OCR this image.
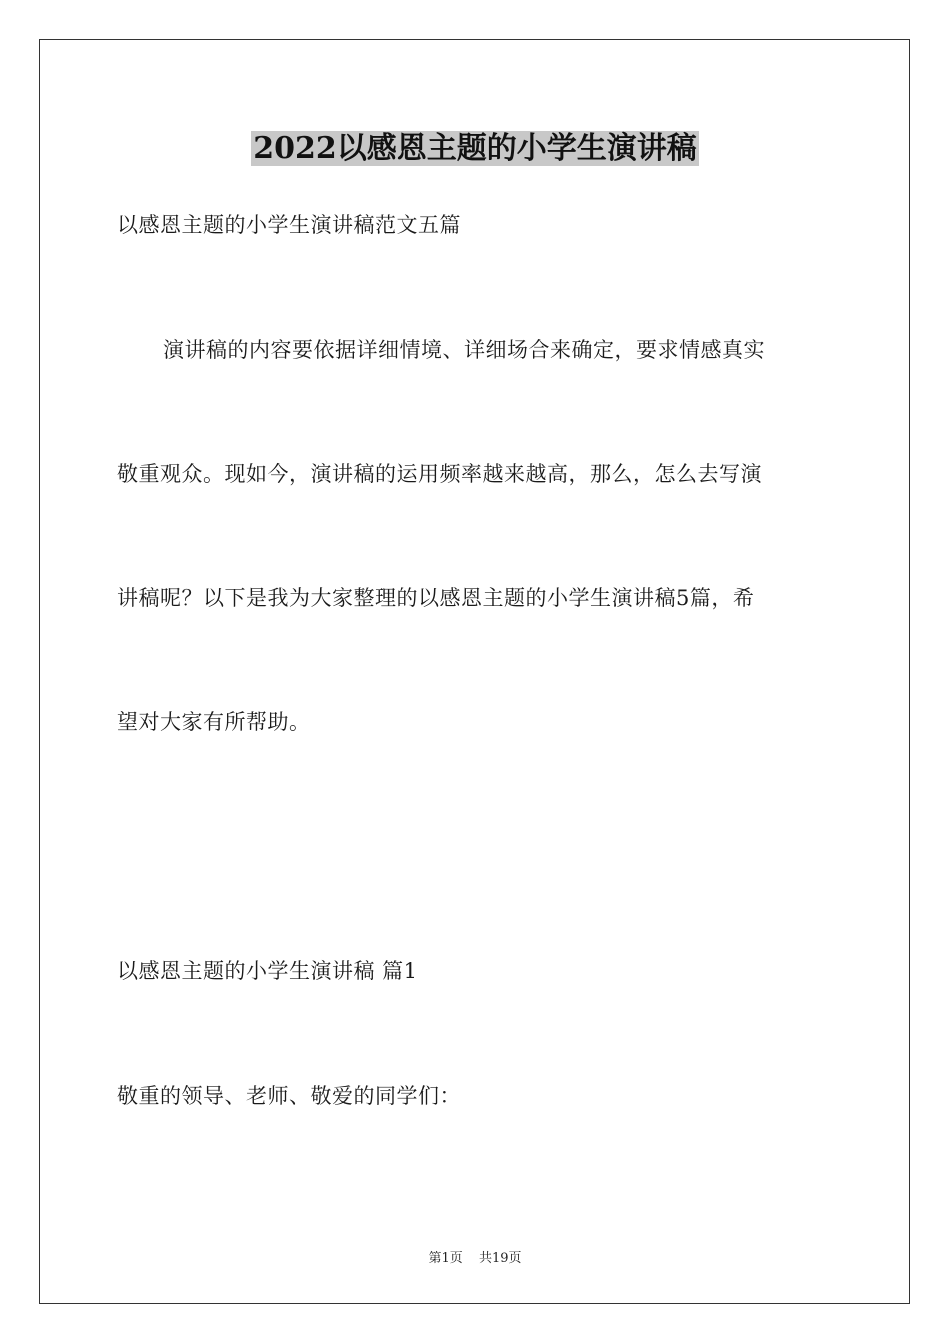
2022以感恩主题的小学生演讲稿
以感恩主题的小学生演讲稿范文五篇
演讲稿的内容要依据详细情境、详细场合来确定，要求情感真实
敬重观众。现如今，演讲稿的运用频率越来越高，那么，怎么去写演
讲稿呢？以下是我为大家整理的以感恩主题的小学生演讲稿5篇，希
望对大家有所帮助。
以感恩主题的小学生演讲稿 篇1
敬重的领导、老师、敬爱的同学们：
第1页 共19页
